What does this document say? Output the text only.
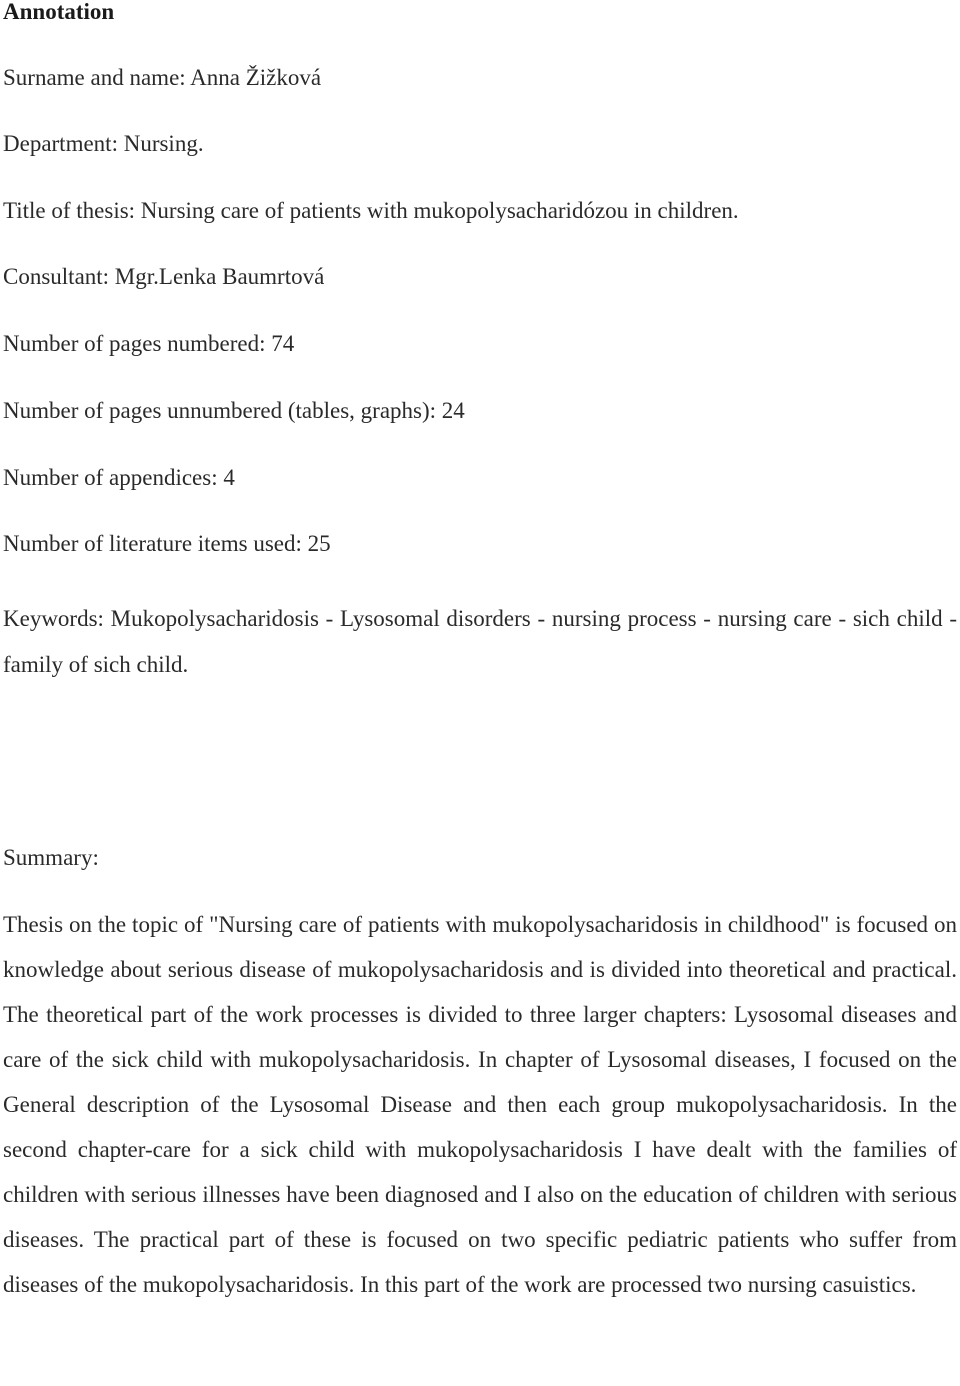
Annotation
Surname and name: Anna Žižková
Department: Nursing.
Title of thesis: Nursing care of patients with mukopolysacharidózou in children.
Consultant: Mgr.Lenka Baumrtová
Number of pages numbered: 74
Number of pages unnumbered (tables, graphs): 24
Number of appendices: 4
Number of literature items used: 25
Keywords: Mukopolysacharidosis - Lysosomal disorders - nursing process - nursing care - sich child - family of sich child.
Summary:

Thesis on the topic of "Nursing care of patients with mukopolysacharidosis in childhood" is focused on knowledge about serious disease of mukopolysacharidosis and is divided into theoretical and practical. The theoretical part of the work processes is divided to three larger chapters: Lysosomal diseases and care of the sick child with mukopolysacharidosis. In chapter of Lysosomal diseases, I focused on the General description of the Lysosomal Disease and then each group mukopolysacharidosis. In the second chapter-care for a sick child with mukopolysacharidosis I have dealt with the families of children with serious illnesses have been diagnosed and I also on the education of children with serious diseases. The practical part of these is focused on two specific pediatric patients who suffer from diseases of the mukopolysacharidosis. In this part of the work are processed two nursing casuistics.
